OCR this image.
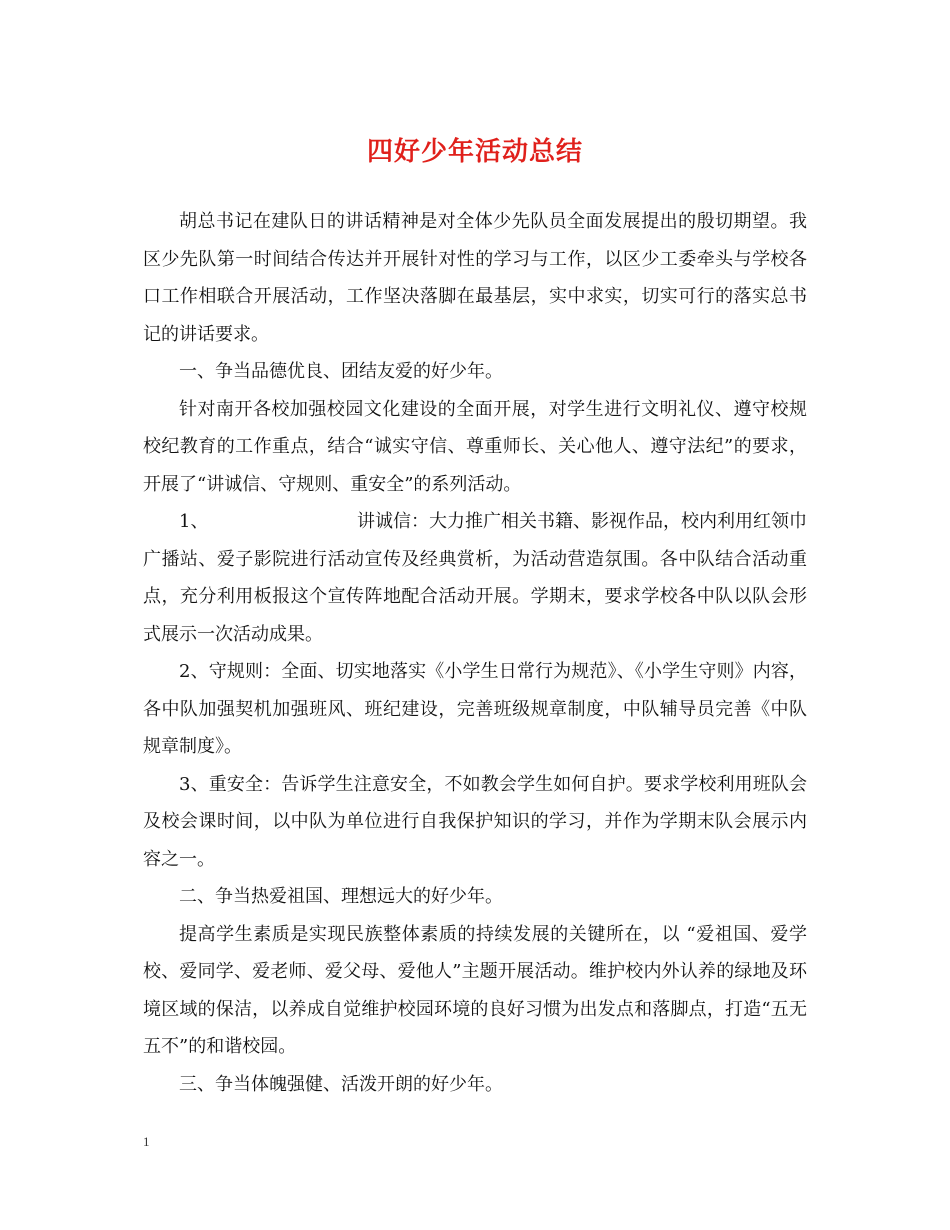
四好少年活动总结

胡总书记在建队日的讲话精神是对全体少先队员全面发展提出的殷切期望。我区少先队第一时间结合传达并开展针对性的学习与工作，以区少工委牵头与学校各口工作相联合开展活动，工作坚决落脚在最基层，实中求实，切实可行的落实总书记的讲话要求。

一、争当品德优良、团结友爱的好少年。

针对南开各校加强校园文化建设的全面开展，对学生进行文明礼仪、遵守校规校纪教育的工作重点，结合“诚实守信、尊重师长、关心他人、遵守法纪”的要求，开展了“讲诚信、守规则、重安全”的系列活动。

1、	讲诚信：大力推广相关书籍、影视作品，校内利用红领巾广播站、爱子影院进行活动宣传及经典赏析，为活动营造氛围。各中队结合活动重点，充分利用板报这个宣传阵地配合活动开展。学期末，要求学校各中队以队会形式展示一次活动成果。

2、守规则：全面、切实地落实《小学生日常行为规范》、《小学生守则》内容，各中队加强契机加强班风、班纪建设，完善班级规章制度，中队辅导员完善《中队规章制度》。

3、重安全：告诉学生注意安全，不如教会学生如何自护。要求学校利用班队会及校会课时间，以中队为单位进行自我保护知识的学习，并作为学期末队会展示内容之一。

二、争当热爱祖国、理想远大的好少年。

提高学生素质是实现民族整体素质的持续发展的关键所在，以 “爱祖国、爱学校、爱同学、爱老师、爱父母、爱他人”主题开展活动。维护校内外认养的绿地及环境区域的保洁，以养成自觉维护校园环境的良好习惯为出发点和落脚点，打造“五无五不”的和谐校园。

三、争当体魄强健、活泼开朗的好少年。

1
